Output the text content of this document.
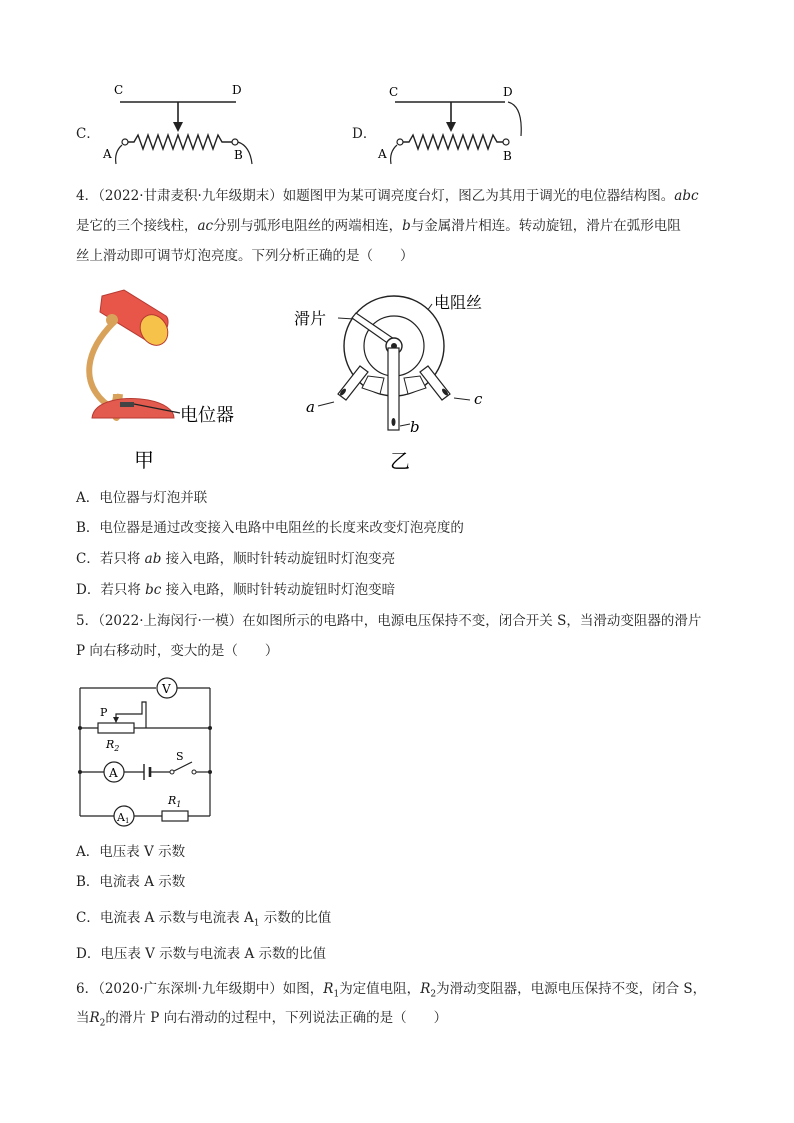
C．
C	D
A	B
D．
C	D
A	B
4．（2022·甘肃麦积·九年级期末）如题图甲为某可调亮度台灯，图乙为其用于调光的电位器结构图。abc
是它的三个接线柱，ac分别与弧形电阻丝的两端相连，b与金属滑片相连。转动旋钮，滑片在弧形电阻
丝上滑动即可调节灯泡亮度。下列分析正确的是（　　）
电位器
甲
滑片
电阻丝
a	c
b
乙
A．电位器与灯泡并联
B．电位器是通过改变接入电路中电阻丝的长度来改变灯泡亮度的
C．若只将 ab 接入电路，顺时针转动旋钮时灯泡变亮
D．若只将 bc 接入电路，顺时针转动旋钮时灯泡变暗
5．（2022·上海闵行·一模）在如图所示的电路中，电源电压保持不变，闭合开关 S，当滑动变阻器的滑片
P 向右移动时，变大的是（　　）
V
P
$R_2$
A
S
A1
$R_1$
A．电压表 V 示数
B．电流表 A 示数
C．电流表 A 示数与电流表 $A_1$ 示数的比值
D．电压表 V 示数与电流表 A 示数的比值
6．（2020·广东深圳·九年级期中）如图，$R_1$为定值电阻，$R_2$为滑动变阻器，电源电压保持不变，闭合 S，
当$R_2$的滑片 P 向右滑动的过程中，下列说法正确的是（　　）
